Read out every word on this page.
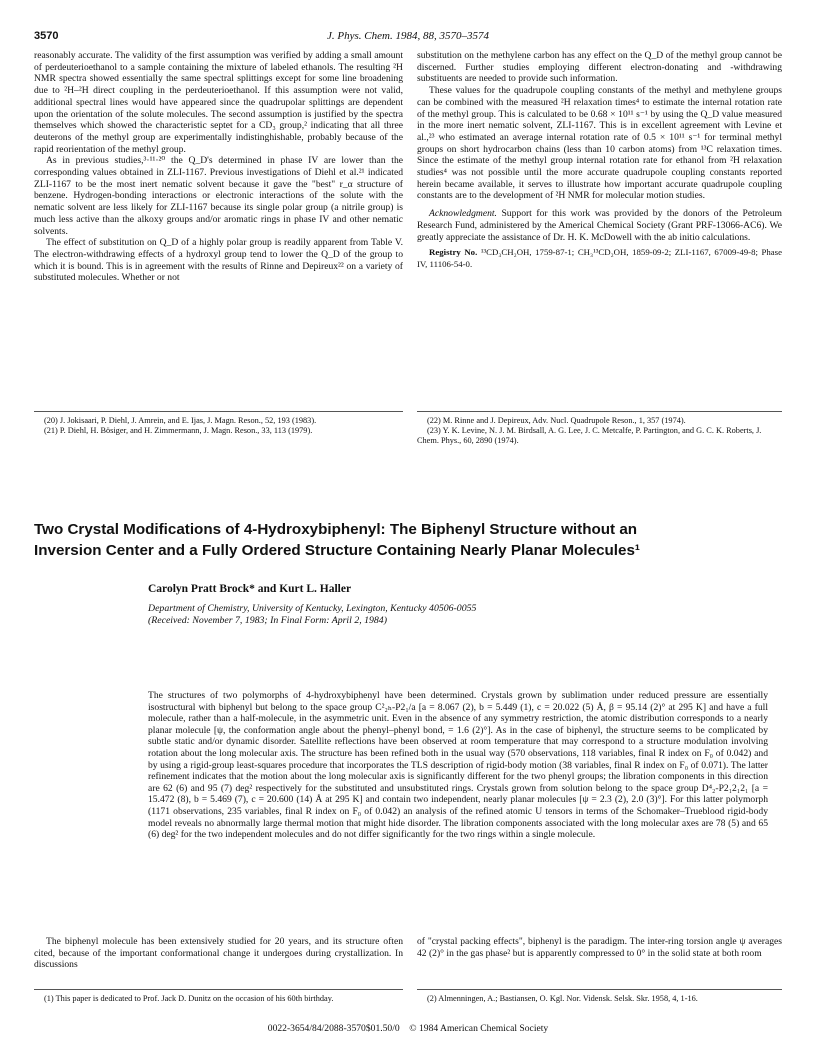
3570	J. Phys. Chem. 1984, 88, 3570–3574

reasonably accurate. The validity of the first assumption was verified by adding a small amount of perdeuterioethanol to a sample containing the mixture of labeled ethanols. The resulting ²H NMR spectra showed essentially the same spectral splittings except for some line broadening due to ²H–²H direct coupling in the perdeuterioethanol. If this assumption were not valid, additional spectral lines would have appeared since the quadrupolar splittings are dependent upon the orientation of the solute molecules. The second assumption is justified by the spectra themselves which showed the characteristic septet for a CD₃ group,² indicating that all three deuterons of the methyl group are experimentally indistinghishable, probably because of the rapid reorientation of the methyl group.

As in previous studies,³·¹¹·²⁰ the Q_D's determined in phase IV are lower than the corresponding values obtained in ZLI-1167. Previous investigations of Diehl et al.²¹ indicated ZLI-1167 to be the most inert nematic solvent because it gave the "best" r_α structure of benzene. Hydrogen-bonding interactions or electronic interactions of the solute with the nematic solvent are less likely for ZLI-1167 because its single polar group (a nitrile group) is much less active than the alkoxy groups and/or aromatic rings in phase IV and other nematic solvents.

The effect of substitution on Q_D of a highly polar group is readily apparent from Table V. The electron-withdrawing effects of a hydroxyl group tend to lower the Q_D of the group to which it is bound. This is in agreement with the results of Rinne and Depireux²² on a variety of substituted molecules. Whether or not

substitution on the methylene carbon has any effect on the Q_D of the methyl group cannot be discerned. Further studies employing different electron-donating and -withdrawing substituents are needed to provide such information.

These values for the quadrupole coupling constants of the methyl and methylene groups can be combined with the measured ²H relaxation times⁴ to estimate the internal rotation rate of the methyl group. This is calculated to be 0.68 × 10¹¹ s⁻¹ by using the Q_D value measured in the more inert nematic solvent, ZLI-1167. This is in excellent agreement with Levine et al.,²³ who estimated an average internal rotation rate of 0.5 × 10¹¹ s⁻¹ for terminal methyl groups on short hydrocarbon chains (less than 10 carbon atoms) from ¹³C relaxation times. Since the estimate of the methyl group internal rotation rate for ethanol from ²H relaxation studies⁴ was not possible until the more accurate quadrupole coupling constants reported herein became available, it serves to illustrate how important accurate quadrupole coupling constants are to the development of ²H NMR for molecular motion studies.

Acknowledgment. Support for this work was provided by the donors of the Petroleum Research Fund, administered by the Americal Chemical Society (Grant PRF-13066-AC6). We greatly appreciate the assistance of Dr. H. K. McDowell with the ab initio calculations.

Registry No. ¹³CD₃CH₂OH, 1759-87-1; CH₃¹³CD₂OH, 1859-09-2; ZLI-1167, 67009-49-8; Phase IV, 11106-54-0.

(20) J. Jokisaari, P. Diehl, J. Amrein, and E. Ijas, J. Magn. Reson., 52, 193 (1983).

(21) P. Diehl, H. Bösiger, and H. Zimmermann, J. Magn. Reson., 33, 113 (1979).

(22) M. Rinne and J. Depireux, Adv. Nucl. Quadrupole Reson., 1, 357 (1974).

(23) Y. K. Levine, N. J. M. Birdsall, A. G. Lee, J. C. Metcalfe, P. Partington, and G. C. K. Roberts, J. Chem. Phys., 60, 2890 (1974).

Two Crystal Modifications of 4-Hydroxybiphenyl: The Biphenyl Structure without an
Inversion Center and a Fully Ordered Structure Containing Nearly Planar Molecules¹
Carolyn Pratt Brock* and Kurt L. Haller
Department of Chemistry, University of Kentucky, Lexington, Kentucky 40506-0055
(Received: November 7, 1983; In Final Form: April 2, 1984)

The structures of two polymorphs of 4-hydroxybiphenyl have been determined. Crystals grown by sublimation under reduced pressure are essentially isostructural with biphenyl but belong to the space group C²₂ₕ-P2₁/a [a = 8.067 (2), b = 5.449 (1), c = 20.022 (5) Å, β = 95.14 (2)° at 295 K] and have a full molecule, rather than a half-molecule, in the asymmetric unit. Even in the absence of any symmetry restriction, the atomic distribution corresponds to a nearly planar molecule [ψ, the conformation angle about the phenyl–phenyl bond, = 1.6 (2)°]. As in the case of biphenyl, the structure seems to be complicated by subtle static and/or dynamic disorder. Satellite reflections have been observed at room temperature that may correspond to a structure modulation involving rotation about the long molecular axis. The structure has been refined both in the usual way (570 observations, 118 variables, final R index on F₀ of 0.042) and by using a rigid-group least-squares procedure that incorporates the TLS description of rigid-body motion (38 variables, final R index on F₀ of 0.071). The latter refinement indicates that the motion about the long molecular axis is significantly different for the two phenyl groups; the libration components in this direction are 62 (6) and 95 (7) deg² respectively for the substituted and unsubstituted rings. Crystals grown from solution belong to the space group D⁴₂-P2₁2₁2₁ [a = 15.472 (8), b = 5.469 (7), c = 20.600 (14) Å at 295 K] and contain two independent, nearly planar molecules [ψ = 2.3 (2), 2.0 (3)°]. For this latter polymorph (1171 observations, 235 variables, final R index on F₀ of 0.042) an analysis of the refined atomic U tensors in terms of the Schomaker–Trueblood rigid-body model reveals no abnormally large thermal motion that might hide disorder. The libration components associated with the long molecular axes are 78 (5) and 65 (6) deg² for the two independent molecules and do not differ significantly for the two rings within a single molecule.

The biphenyl molecule has been extensively studied for 20 years, and its structure often cited, because of the important conformational change it undergoes during crystallization. In discussions

of "crystal packing effects", biphenyl is the paradigm. The inter-ring torsion angle ψ averages 42 (2)° in the gas phase² but is apparently compressed to 0° in the solid state at both room

(1) This paper is dedicated to Prof. Jack D. Dunitz on the occasion of his 60th birthday.	(2) Almenningen, A.; Bastiansen, O. Kgl. Nor. Vidensk. Selsk. Skr. 1958, 4, 1-16.

0022-3654/84/2088-3570$01.50/0 © 1984 American Chemical Society
